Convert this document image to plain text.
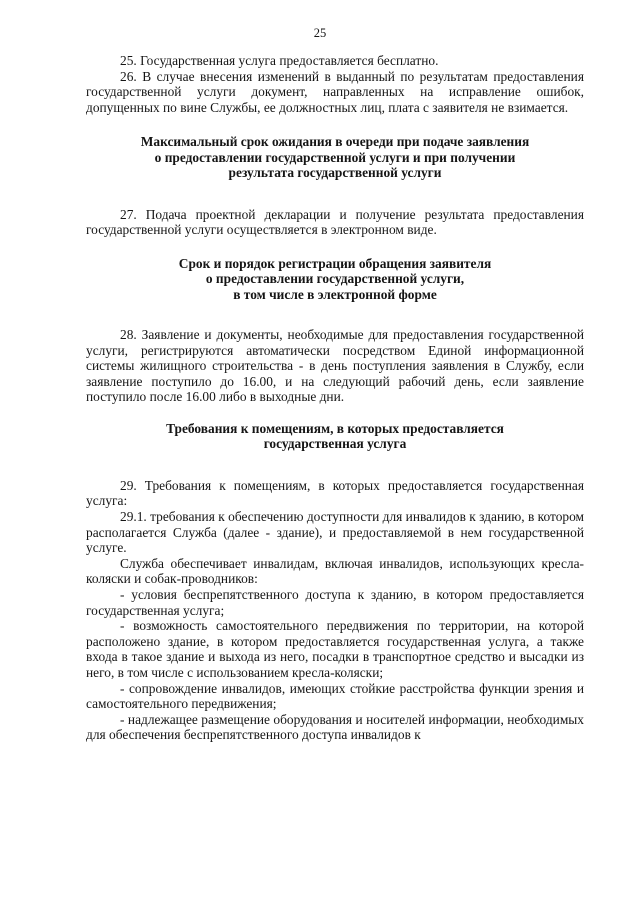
25

25. Государственная услуга предоставляется бесплатно.

26. В случае внесения изменений в выданный по результатам предоставления государственной услуги документ, направленных на исправление ошибок, допущенных по вине Службы, ее должностных лиц, плата с заявителя не взимается.

Максимальный срок ожидания в очереди при подаче заявления
о предоставлении государственной услуги и при получении
результата государственной услуги

27. Подача проектной декларации и получение результата предоставления государственной услуги осуществляется в электронном виде.

Срок и порядок регистрации обращения заявителя
о предоставлении государственной услуги,
в том числе в электронной форме

28. Заявление и документы, необходимые для предоставления государственной услуги, регистрируются автоматически посредством Единой информационной системы жилищного строительства - в день поступления заявления в Службу, если заявление поступило до 16.00, и на следующий рабочий день, если заявление поступило после 16.00 либо в выходные дни.

Требования к помещениям, в которых предоставляется
государственная услуга

29. Требования к помещениям, в которых предоставляется государственная услуга:

29.1. требования к обеспечению доступности для инвалидов к зданию, в котором располагается Служба (далее - здание), и предоставляемой в нем государственной услуге.

Служба обеспечивает инвалидам, включая инвалидов, использующих кресла-коляски и собак-проводников:

- условия беспрепятственного доступа к зданию, в котором предоставляется государственная услуга;

- возможность самостоятельного передвижения по территории, на которой расположено здание, в котором предоставляется государственная услуга, а также входа в такое здание и выхода из него, посадки в транспортное средство и высадки из него, в том числе с использованием кресла-коляски;

- сопровождение инвалидов, имеющих стойкие расстройства функции зрения и самостоятельного передвижения;

- надлежащее размещение оборудования и носителей информации, необходимых для обеспечения беспрепятственного доступа инвалидов к
